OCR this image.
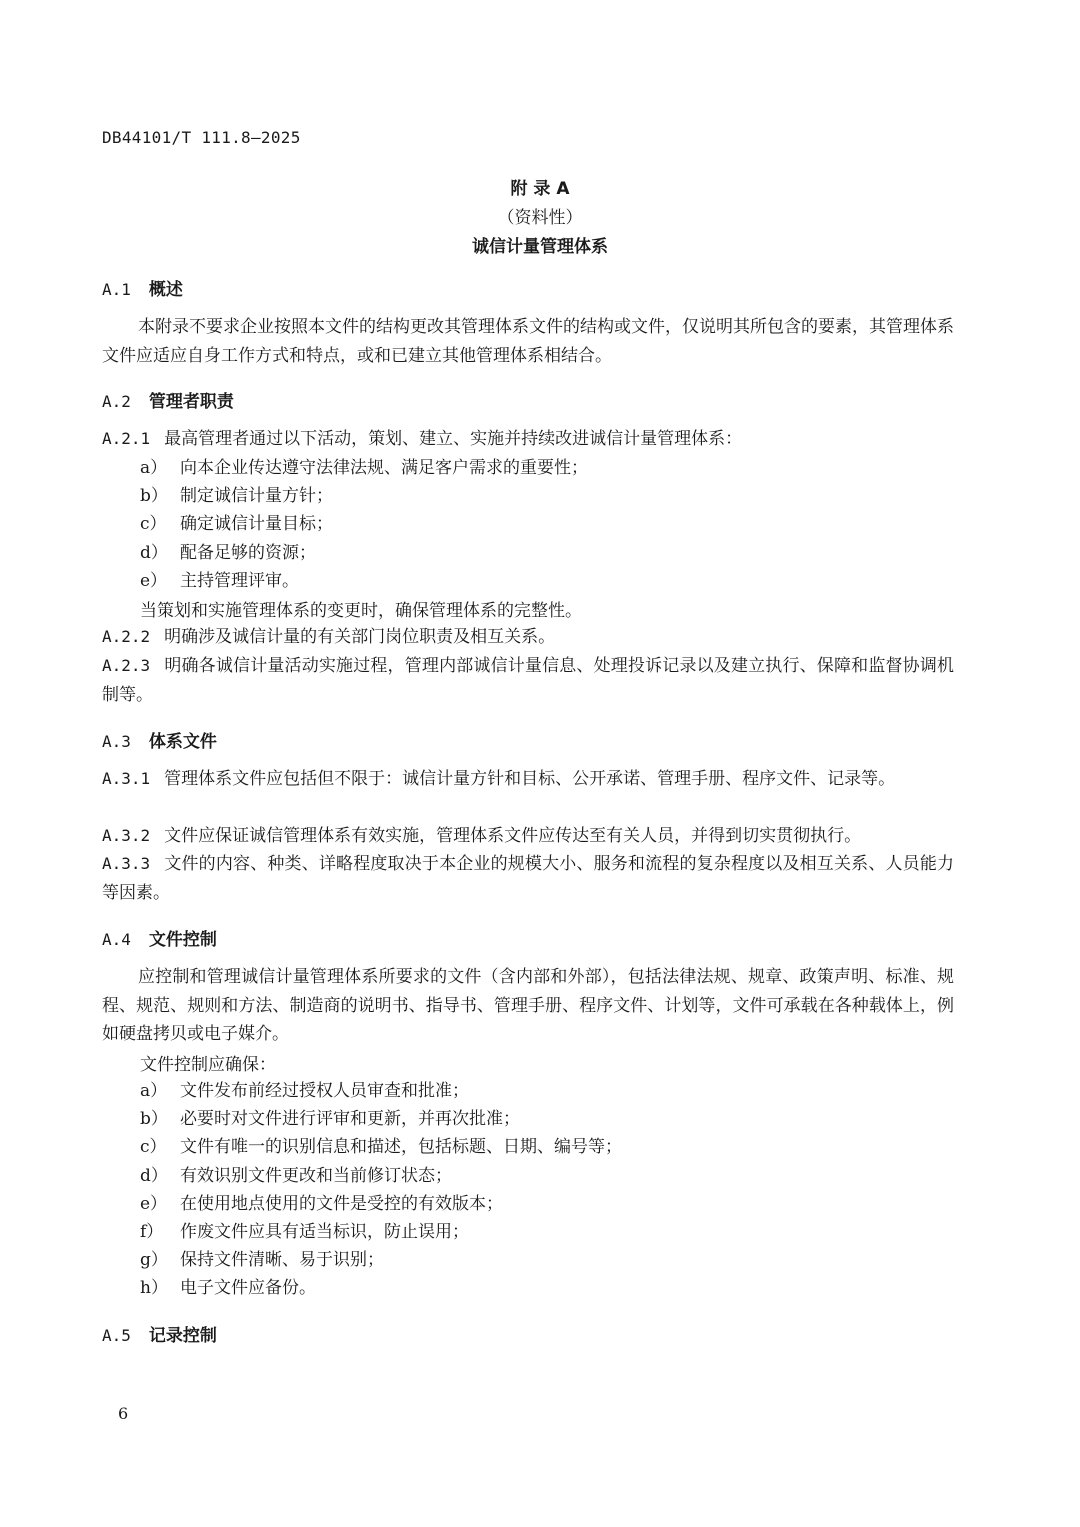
DB44101/T 111.8—2025
附 录 A
（资料性）
诚信计量管理体系
A.1 概述
本附录不要求企业按照本文件的结构更改其管理体系文件的结构或文件，仅说明其所包含的要素，其管理体系文件应适应自身工作方式和特点，或和已建立其他管理体系相结合。
A.2 管理者职责
A.2.1 最高管理者通过以下活动，策划、建立、实施并持续改进诚信计量管理体系：
a） 向本企业传达遵守法律法规、满足客户需求的重要性；
b） 制定诚信计量方针；
c） 确定诚信计量目标；
d） 配备足够的资源；
e） 主持管理评审。
当策划和实施管理体系的变更时，确保管理体系的完整性。
A.2.2 明确涉及诚信计量的有关部门岗位职责及相互关系。
A.2.3 明确各诚信计量活动实施过程，管理内部诚信计量信息、处理投诉记录以及建立执行、保障和监督协调机制等。
A.3 体系文件
A.3.1 管理体系文件应包括但不限于：诚信计量方针和目标、公开承诺、管理手册、程序文件、记录等。
A.3.2 文件应保证诚信管理体系有效实施，管理体系文件应传达至有关人员，并得到切实贯彻执行。
A.3.3 文件的内容、种类、详略程度取决于本企业的规模大小、服务和流程的复杂程度以及相互关系、人员能力等因素。
A.4 文件控制
应控制和管理诚信计量管理体系所要求的文件（含内部和外部），包括法律法规、规章、政策声明、标准、规程、规范、规则和方法、制造商的说明书、指导书、管理手册、程序文件、计划等，文件可承载在各种载体上，例如硬盘拷贝或电子媒介。
文件控制应确保：
a） 文件发布前经过授权人员审查和批准；
b） 必要时对文件进行评审和更新，并再次批准；
c） 文件有唯一的识别信息和描述，包括标题、日期、编号等；
d） 有效识别文件更改和当前修订状态；
e） 在使用地点使用的文件是受控的有效版本；
f） 作废文件应具有适当标识，防止误用；
g） 保持文件清晰、易于识别；
h） 电子文件应备份。
A.5 记录控制
6
